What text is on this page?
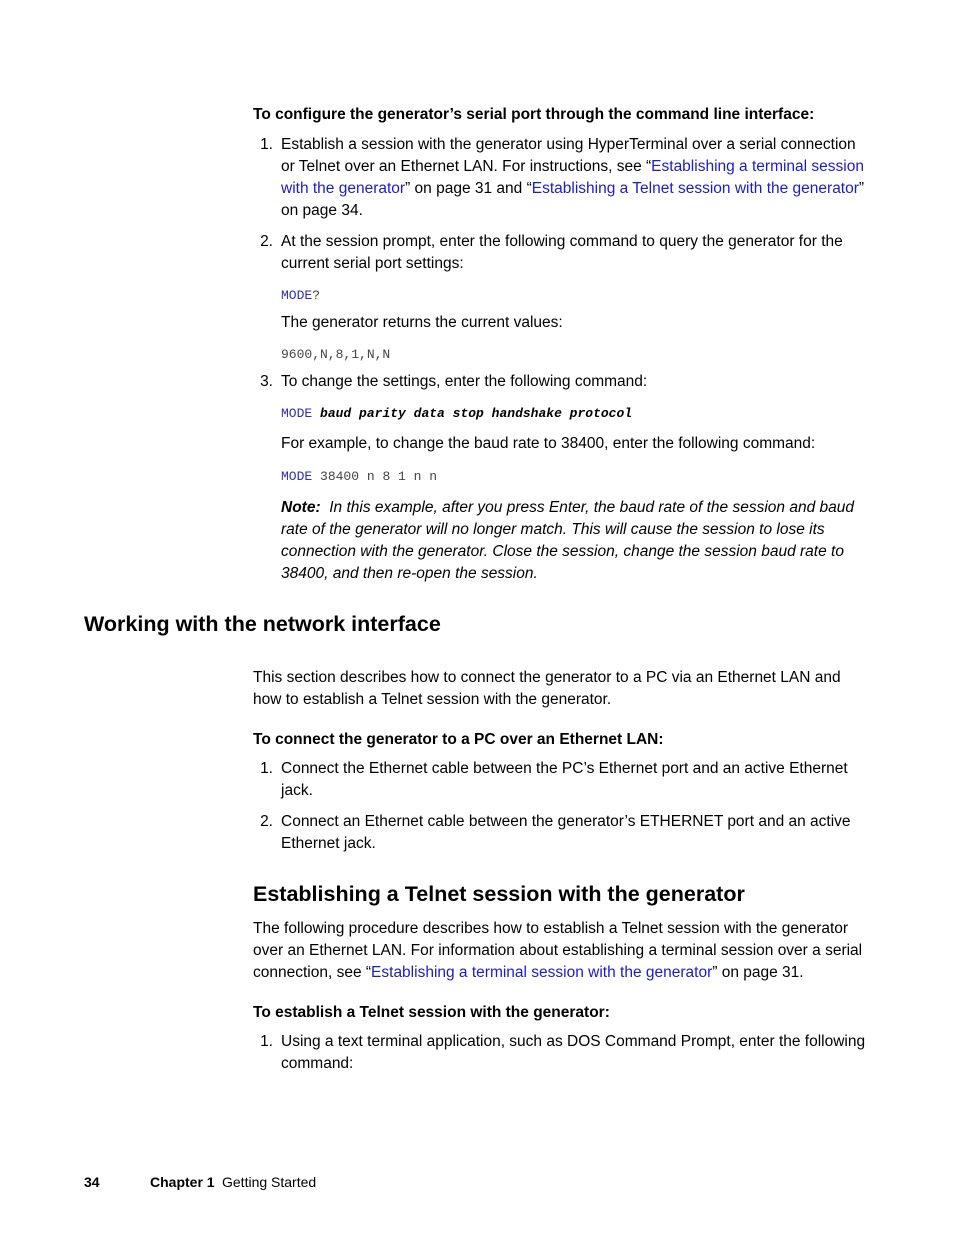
To configure the generator’s serial port through the command line interface:
1. Establish a session with the generator using HyperTerminal over a serial connection or Telnet over an Ethernet LAN. For instructions, see “Establishing a terminal session with the generator” on page 31 and “Establishing a Telnet session with the generator” on page 34.
2. At the session prompt, enter the following command to query the generator for the current serial port settings:
MODE?
The generator returns the current values:
9600,N,8,1,N,N
3. To change the settings, enter the following command:
MODE baud parity data stop handshake protocol
For example, to change the baud rate to 38400, enter the following command:
MODE 38400 n 8 1 n n
Note: In this example, after you press Enter, the baud rate of the session and baud rate of the generator will no longer match. This will cause the session to lose its connection with the generator. Close the session, change the session baud rate to 38400, and then re-open the session.
Working with the network interface
This section describes how to connect the generator to a PC via an Ethernet LAN and how to establish a Telnet session with the generator.
To connect the generator to a PC over an Ethernet LAN:
1. Connect the Ethernet cable between the PC’s Ethernet port and an active Ethernet jack.
2. Connect an Ethernet cable between the generator’s ETHERNET port and an active Ethernet jack.
Establishing a Telnet session with the generator
The following procedure describes how to establish a Telnet session with the generator over an Ethernet LAN. For information about establishing a terminal session over a serial connection, see “Establishing a terminal session with the generator” on page 31.
To establish a Telnet session with the generator:
1. Using a text terminal application, such as DOS Command Prompt, enter the following command:
34	Chapter 1 Getting Started
